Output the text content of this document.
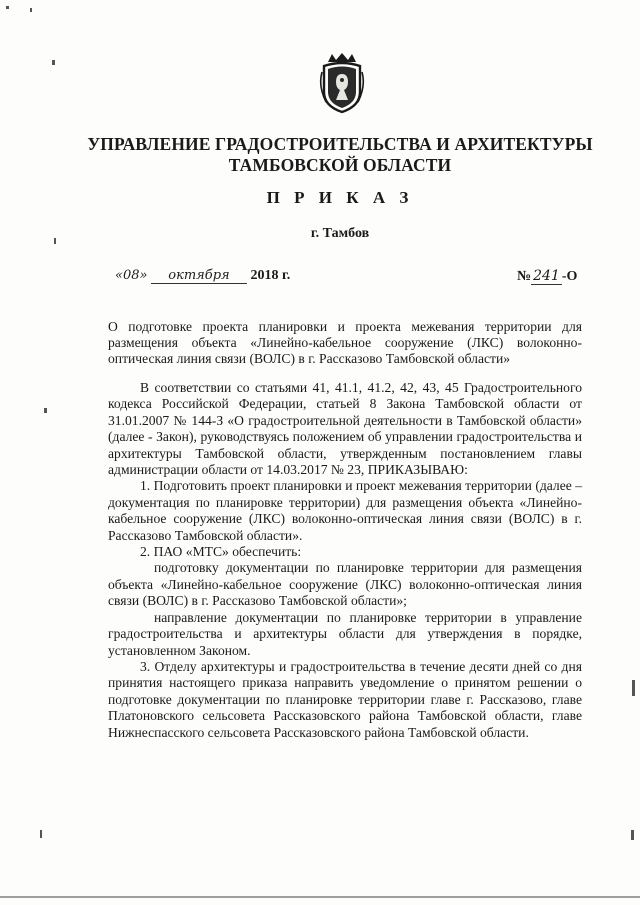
УПРАВЛЕНИЕ ГРАДОСТРОИТЕЛЬСТВА И АРХИТЕКТУРЫ
ТАМБОВСКОЙ ОБЛАСТИ
П Р И К А З
г. Тамбов
«08» октября 2018 г.	№ 241 -О
О подготовке проекта планировки и проекта межевания территории для размещения объекта «Линейно-кабельное сооружение (ЛКС) волоконно-оптическая линия связи (ВОЛС) в г. Рассказово Тамбовской области»

В соответствии со статьями 41, 41.1, 41.2, 42, 43, 45 Градостроительного кодекса Российской Федерации, статьей 8 Закона Тамбовской области от 31.01.2007 № 144-З «О градостроительной деятельности в Тамбовской области» (далее - Закон), руководствуясь положением об управлении градостроительства и архитектуры Тамбовской области, утвержденным постановлением главы администрации области от 14.03.2017 № 23, ПРИКАЗЫВАЮ:

1. Подготовить проект планировки и проект межевания территории (далее – документация по планировке территории) для размещения объекта «Линейно-кабельное сооружение (ЛКС) волоконно-оптическая линия связи (ВОЛС) в г. Рассказово Тамбовской области».

2. ПАО «МТС» обеспечить:

подготовку документации по планировке территории для размещения объекта «Линейно-кабельное сооружение (ЛКС) волоконно-оптическая линия связи (ВОЛС) в г. Рассказово Тамбовской области»;

направление документации по планировке территории в управление градостроительства и архитектуры области для утверждения в порядке, установленном Законом.

3. Отделу архитектуры и градостроительства в течение десяти дней со дня принятия настоящего приказа направить уведомление о принятом решении о подготовке документации по планировке территории главе г. Рассказово, главе Платоновского сельсовета Рассказовского района Тамбовской области, главе Нижнеспасского сельсовета Рассказовского района Тамбовской области.
